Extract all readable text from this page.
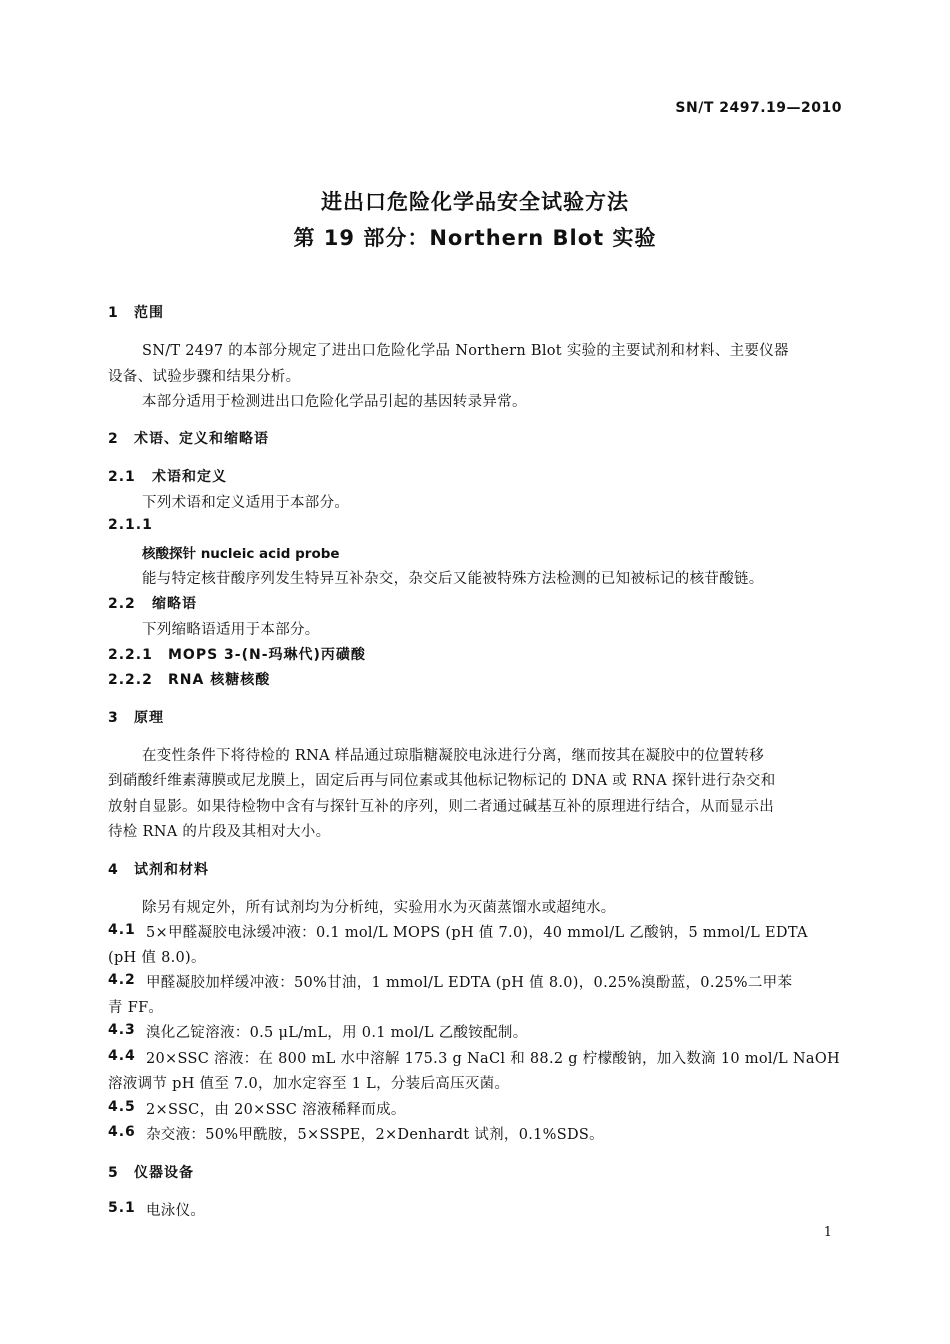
SN/T 2497.19—2010
进出口危险化学品安全试验方法
第 19 部分：Northern Blot 实验
1 范围
SN/T 2497 的本部分规定了进出口危险化学品 Northern Blot 实验的主要试剂和材料、主要仪器
设备、试验步骤和结果分析。
本部分适用于检测进出口危险化学品引起的基因转录异常。
2 术语、定义和缩略语
2.1 术语和定义
下列术语和定义适用于本部分。
2.1.1
核酸探针 nucleic acid probe
能与特定核苷酸序列发生特异互补杂交，杂交后又能被特殊方法检测的已知被标记的核苷酸链。
2.2 缩略语
下列缩略语适用于本部分。
2.2.1 MOPS 3-(N-玛琳代)丙磺酸
2.2.2 RNA 核糖核酸
3 原理
在变性条件下将待检的 RNA 样品通过琼脂糖凝胶电泳进行分离，继而按其在凝胶中的位置转移
到硝酸纤维素薄膜或尼龙膜上，固定后再与同位素或其他标记物标记的 DNA 或 RNA 探针进行杂交和
放射自显影。如果待检物中含有与探针互补的序列，则二者通过碱基互补的原理进行结合，从而显示出
待检 RNA 的片段及其相对大小。
4 试剂和材料
除另有规定外，所有试剂均为分析纯，实验用水为灭菌蒸馏水或超纯水。
4.1 5×甲醛凝胶电泳缓冲液：0.1 mol/L MOPS (pH 值 7.0)，40 mmol/L 乙酸钠，5 mmol/L EDTA
(pH 值 8.0)。
4.2 甲醛凝胶加样缓冲液：50%甘油，1 mmol/L EDTA (pH 值 8.0)，0.25%溴酚蓝，0.25%二甲苯
青 FF。
4.3 溴化乙锭溶液：0.5 μL/mL，用 0.1 mol/L 乙酸铵配制。
4.4 20×SSC 溶液：在 800 mL 水中溶解 175.3 g NaCl 和 88.2 g 柠檬酸钠，加入数滴 10 mol/L NaOH
溶液调节 pH 值至 7.0，加水定容至 1 L，分装后高压灭菌。
4.5 2×SSC，由 20×SSC 溶液稀释而成。
4.6 杂交液：50%甲酰胺，5×SSPE，2×Denhardt 试剂，0.1%SDS。
5 仪器设备
5.1 电泳仪。
1
